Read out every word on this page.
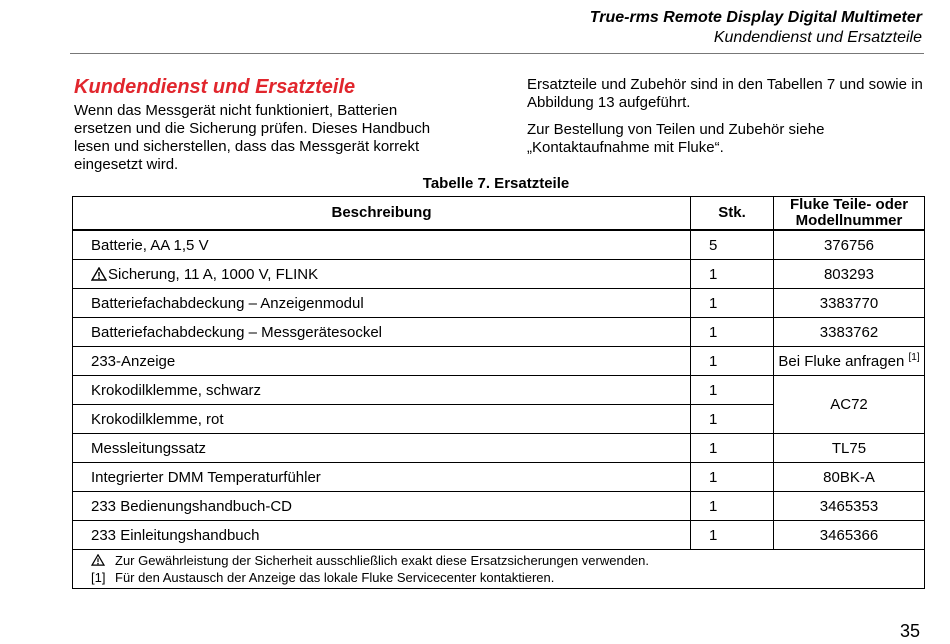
True-rms Remote Display Digital Multimeter
Kundendienst und Ersatzteile
Kundendienst und Ersatzteile
Wenn das Messgerät nicht funktioniert, Batterien ersetzen und die Sicherung prüfen. Dieses Handbuch lesen und sicherstellen, dass das Messgerät korrekt eingesetzt wird.
Ersatzteile und Zubehör sind in den Tabellen 7 und sowie in Abbildung 13 aufgeführt.
Zur Bestellung von Teilen und Zubehör siehe „Kontaktaufnahme mit Fluke“.
Tabelle 7. Ersatzteile
Beschreibung	Stk.	Fluke Teile- oder Modellnummer
Batterie, AA 1,5 V	5	376756
Sicherung, 11 A, 1000 V, FLINK	1	803293
Batteriefachabdeckung – Anzeigenmodul	1	3383770
Batteriefachabdeckung – Messgerätesockel	1	3383762
233-Anzeige	1	Bei Fluke anfragen [1]
Krokodilklemme, schwarz	1	AC72
Krokodilklemme, rot	1	
Messleitungssatz	1	TL75
Integrierter DMM Temperaturfühler	1	80BK-A
233 Bedienungshandbuch-CD	1	3465353
233 Einleitungshandbuch	1	3465366

Zur Gewährleistung der Sicherheit ausschließlich exakt diese Ersatzsicherungen verwenden.
[1] Für den Austausch der Anzeige das lokale Fluke Servicecenter kontaktieren.		
35
